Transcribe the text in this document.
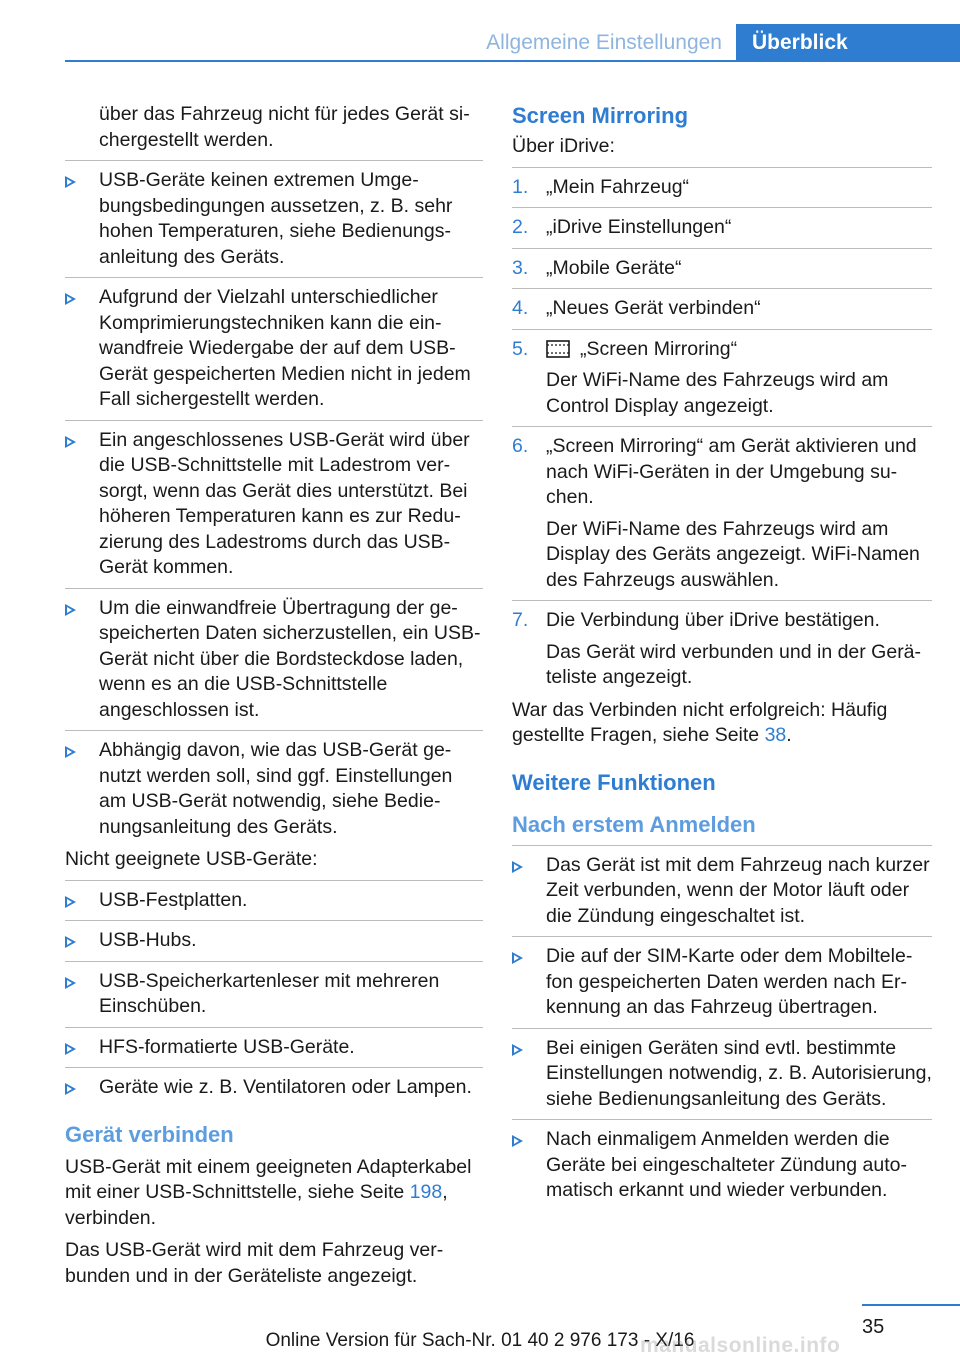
Allgemeine Einstellungen	Überblick
über das Fahrzeug nicht für jedes Gerät sichergestellt werden.
USB-Geräte keinen extremen Umgebungsbedingungen aussetzen, z. B. sehr hohen Temperaturen, siehe Bedienungsanleitung des Geräts.
Aufgrund der Vielzahl unterschiedlicher Komprimierungstechniken kann die einwandfreie Wiedergabe der auf dem USB-Gerät gespeicherten Medien nicht in jedem Fall sichergestellt werden.
Ein angeschlossenes USB-Gerät wird über die USB-Schnittstelle mit Ladestrom versorgt, wenn das Gerät dies unterstützt. Bei höheren Temperaturen kann es zur Reduzierung des Ladestroms durch das USB-Gerät kommen.
Um die einwandfreie Übertragung der gespeicherten Daten sicherzustellen, ein USB-Gerät nicht über die Bordsteckdose laden, wenn es an die USB-Schnittstelle angeschlossen ist.
Abhängig davon, wie das USB-Gerät genutzt werden soll, sind ggf. Einstellungen am USB-Gerät notwendig, siehe Bedienungsanleitung des Geräts.
Nicht geeignete USB-Geräte:
USB-Festplatten.
USB-Hubs.
USB-Speicherkartenleser mit mehreren Einschüben.
HFS-formatierte USB-Geräte.
Geräte wie z. B. Ventilatoren oder Lampen.
Gerät verbinden
USB-Gerät mit einem geeigneten Adapterkabel mit einer USB-Schnittstelle, siehe Seite 198, verbinden.
Das USB-Gerät wird mit dem Fahrzeug verbunden und in der Geräteliste angezeigt.
Screen Mirroring
Über iDrive:
1. „Mein Fahrzeug“
2. „iDrive Einstellungen“
3. „Mobile Geräte“
4. „Neues Gerät verbinden“
5.	„Screen Mirroring“
Der WiFi-Name des Fahrzeugs wird am Control Display angezeigt.
6. „Screen Mirroring“ am Gerät aktivieren und nach WiFi-Geräten in der Umgebung suchen.
Der WiFi-Name des Fahrzeugs wird am Display des Geräts angezeigt. WiFi-Namen des Fahrzeugs auswählen.
7. Die Verbindung über iDrive bestätigen.
Das Gerät wird verbunden und in der Geräteliste angezeigt.
War das Verbinden nicht erfolgreich: Häufig gestellte Fragen, siehe Seite 38.
Weitere Funktionen
Nach erstem Anmelden
Das Gerät ist mit dem Fahrzeug nach kurzer Zeit verbunden, wenn der Motor läuft oder die Zündung eingeschaltet ist.
Die auf der SIM-Karte oder dem Mobiltelefon gespeicherten Daten werden nach Erkennung an das Fahrzeug übertragen.
Bei einigen Geräten sind evtl. bestimmte Einstellungen notwendig, z. B. Autorisierung, siehe Bedienungsanleitung des Geräts.
Nach einmaligem Anmelden werden die Geräte bei eingeschalteter Zündung automatisch erkannt und wieder verbunden.
35
Online Version für Sach-Nr. 01 40 2 976 173 - X/16
manualsonline.info
